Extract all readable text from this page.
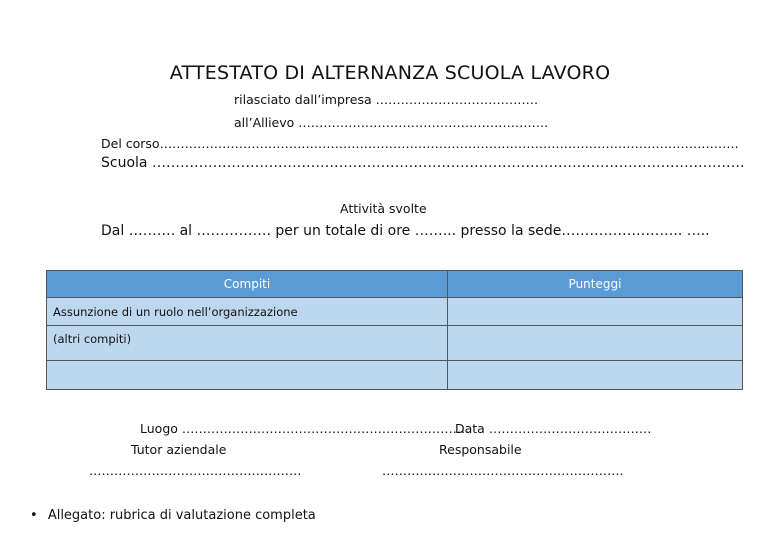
ATTESTATO DI ALTERNANZA SCUOLA LAVORO
rilasciato dall’impresa …………………………………
all’Allievo ……………………………………………………
Del corso………………………………………………………………………………………………………………………….
Scuola ……………………………………………………………………………………………………………….
Attività svolte
Dal ………. al ……………. per un totale di ore ……... presso la sede…………………….. …..
Compiti	Punteggi
Assunzione di un ruolo nell’organizzazione	
(altri compiti)	

Luogo ……………………………………………………………
Data …………………………………
Tutor aziendale	Responsabile
……………………………………………	………………………………………………….
• Allegato: rubrica di valutazione completa
